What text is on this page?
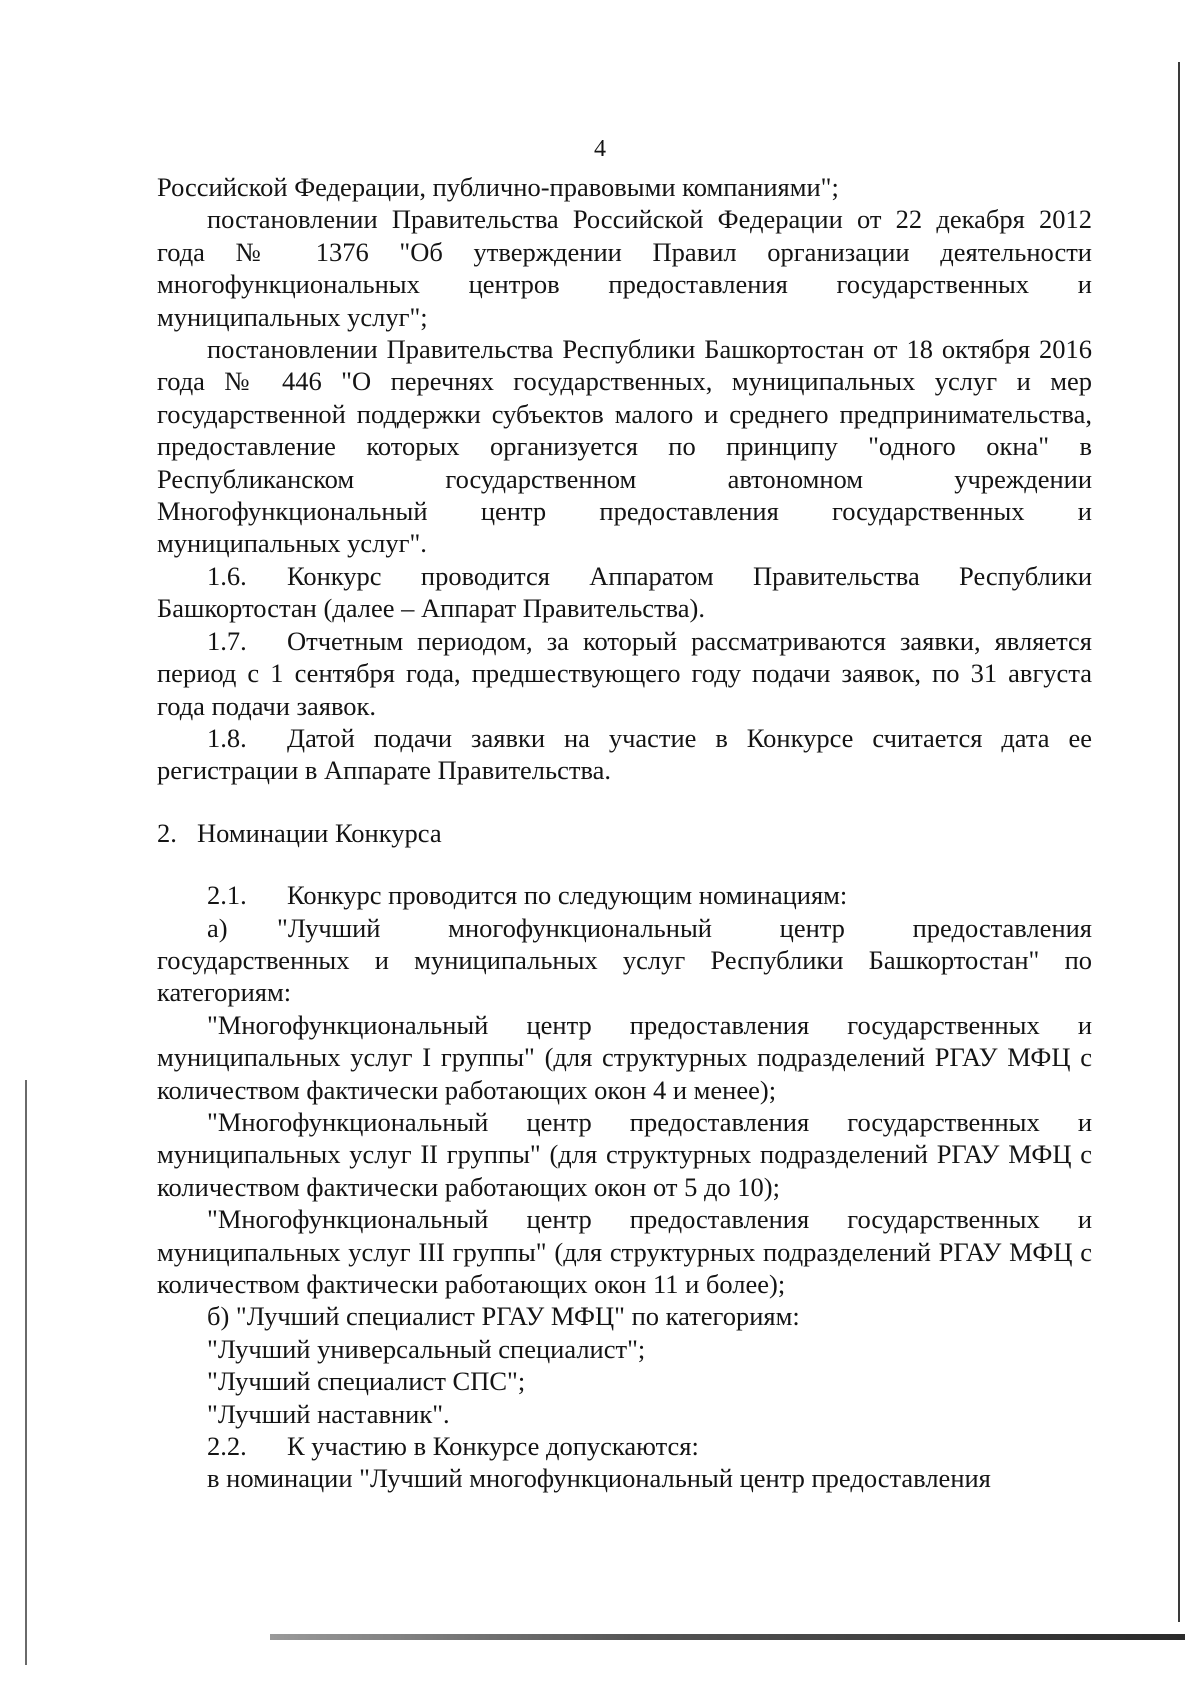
4

Российской Федерации, публично-правовыми компаниями";

постановлении Правительства Российской Федерации от 22 декабря 2012 года № 1376 "Об утверждении Правил организации деятельности многофункциональных центров предоставления государственных и муниципальных услуг";

постановлении Правительства Республики Башкортостан от 18 октября 2016 года № 446 "О перечнях государственных, муниципальных услуг и мер государственной поддержки субъектов малого и среднего предпринимательства, предоставление которых организуется по принципу "одного окна" в Республиканском государственном автономном учреждении Многофункциональный центр предоставления государственных и муниципальных услуг".

1.6. Конкурс проводится Аппаратом Правительства Республики Башкортостан (далее – Аппарат Правительства).

1.7. Отчетным периодом, за который рассматриваются заявки, является период с 1 сентября года, предшествующего году подачи заявок, по 31 августа года подачи заявок.

1.8. Датой подачи заявки на участие в Конкурсе считается дата ее регистрации в Аппарате Правительства.

2. Номинации Конкурса

2.1. Конкурс проводится по следующим номинациям:

а) "Лучший многофункциональный центр предоставления государственных и муниципальных услуг Республики Башкортостан" по категориям:

"Многофункциональный центр предоставления государственных и муниципальных услуг I группы" (для структурных подразделений РГАУ МФЦ с количеством фактически работающих окон 4 и менее);

"Многофункциональный центр предоставления государственных и муниципальных услуг II группы" (для структурных подразделений РГАУ МФЦ с количеством фактически работающих окон от 5 до 10);

"Многофункциональный центр предоставления государственных и муниципальных услуг III группы" (для структурных подразделений РГАУ МФЦ с количеством фактически работающих окон 11 и более);

б) "Лучший специалист РГАУ МФЦ" по категориям:

"Лучший универсальный специалист";

"Лучший специалист СПС";

"Лучший наставник".

2.2. К участию в Конкурсе допускаются:

в номинации "Лучший многофункциональный центр предоставления
